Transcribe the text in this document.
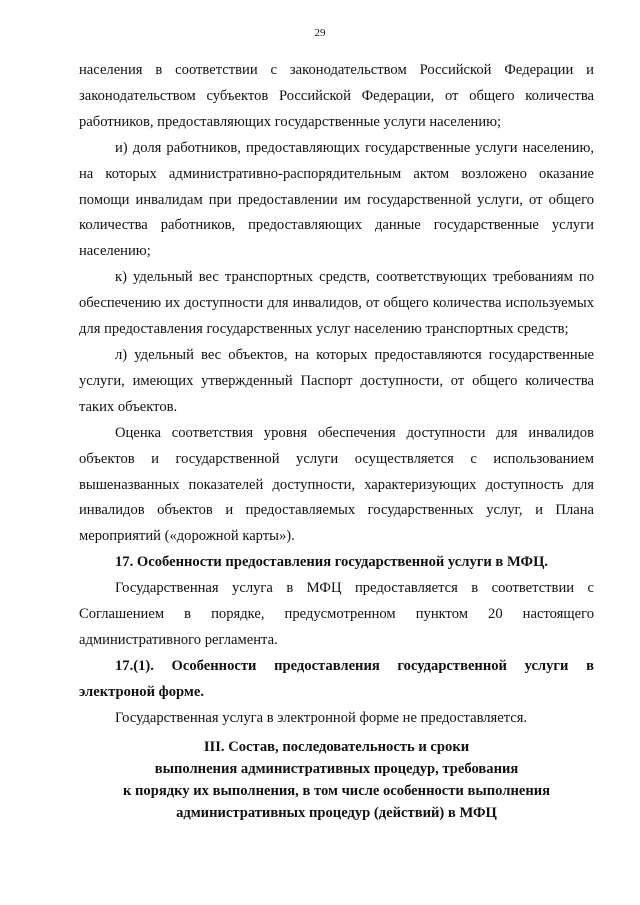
29

населения в соответствии с законодательством Российской Федерации и законодательством субъектов Российской Федерации, от общего количества работников, предоставляющих государственные услуги населению;

и) доля работников, предоставляющих государственные услуги населению, на которых административно-распорядительным актом возложено оказание помощи инвалидам при предоставлении им государственной услуги, от общего количества работников, предоставляющих данные государственные услуги населению;

к) удельный вес транспортных средств, соответствующих требованиям по обеспечению их доступности для инвалидов, от общего количества используемых для предоставления государственных услуг населению транспортных средств;

л) удельный вес объектов, на которых предоставляются государственные услуги, имеющих утвержденный Паспорт доступности, от общего количества таких объектов.

Оценка соответствия уровня обеспечения доступности для инвалидов объектов и государственной услуги осуществляется с использованием вышеназванных показателей доступности, характеризующих доступность для инвалидов объектов и предоставляемых государственных услуг, и Плана мероприятий («дорожной карты»).

17. Особенности предоставления государственной услуги в МФЦ.

Государственная услуга в МФЦ предоставляется в соответствии с Соглашением в порядке, предусмотренном пунктом 20 настоящего административного регламента.

17.(1). Особенности предоставления государственной услуги в электроной форме.

Государственная услуга в электронной форме не предоставляется.

III. Состав, последовательность и сроки

выполнения административных процедур, требования

к порядку их выполнения, в том числе особенности выполнения

административных процедур (действий) в МФЦ
